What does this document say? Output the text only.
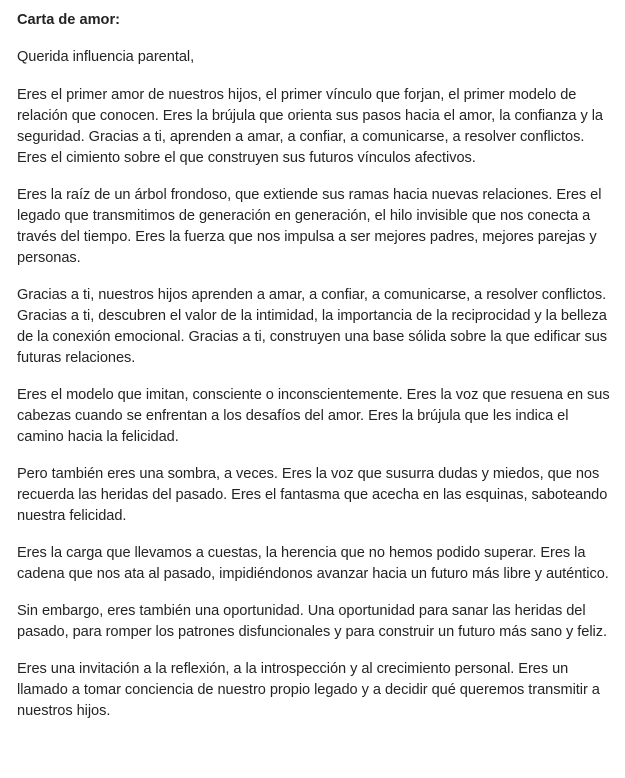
Carta de amor:
Querida influencia parental,
Eres el primer amor de nuestros hijos, el primer vínculo que forjan, el primer modelo de relación que conocen. Eres la brújula que orienta sus pasos hacia el amor, la confianza y la seguridad. Gracias a ti, aprenden a amar, a confiar, a comunicarse, a resolver conflictos. Eres el cimiento sobre el que construyen sus futuros vínculos afectivos.
Eres la raíz de un árbol frondoso, que extiende sus ramas hacia nuevas relaciones. Eres el legado que transmitimos de generación en generación, el hilo invisible que nos conecta a través del tiempo. Eres la fuerza que nos impulsa a ser mejores padres, mejores parejas y personas.
Gracias a ti, nuestros hijos aprenden a amar, a confiar, a comunicarse, a resolver conflictos. Gracias a ti, descubren el valor de la intimidad, la importancia de la reciprocidad y la belleza de la conexión emocional. Gracias a ti, construyen una base sólida sobre la que edificar sus futuras relaciones.
Eres el modelo que imitan, consciente o inconscientemente. Eres la voz que resuena en sus cabezas cuando se enfrentan a los desafíos del amor. Eres la brújula que les indica el camino hacia la felicidad.
Pero también eres una sombra, a veces. Eres la voz que susurra dudas y miedos, que nos recuerda las heridas del pasado. Eres el fantasma que acecha en las esquinas, saboteando nuestra felicidad.
Eres la carga que llevamos a cuestas, la herencia que no hemos podido superar. Eres la cadena que nos ata al pasado, impidiéndonos avanzar hacia un futuro más libre y auténtico.
Sin embargo, eres también una oportunidad. Una oportunidad para sanar las heridas del pasado, para romper los patrones disfuncionales y para construir un futuro más sano y feliz.
Eres una invitación a la reflexión, a la introspección y al crecimiento personal. Eres un llamado a tomar conciencia de nuestro propio legado y a decidir qué queremos transmitir a nuestros hijos.
